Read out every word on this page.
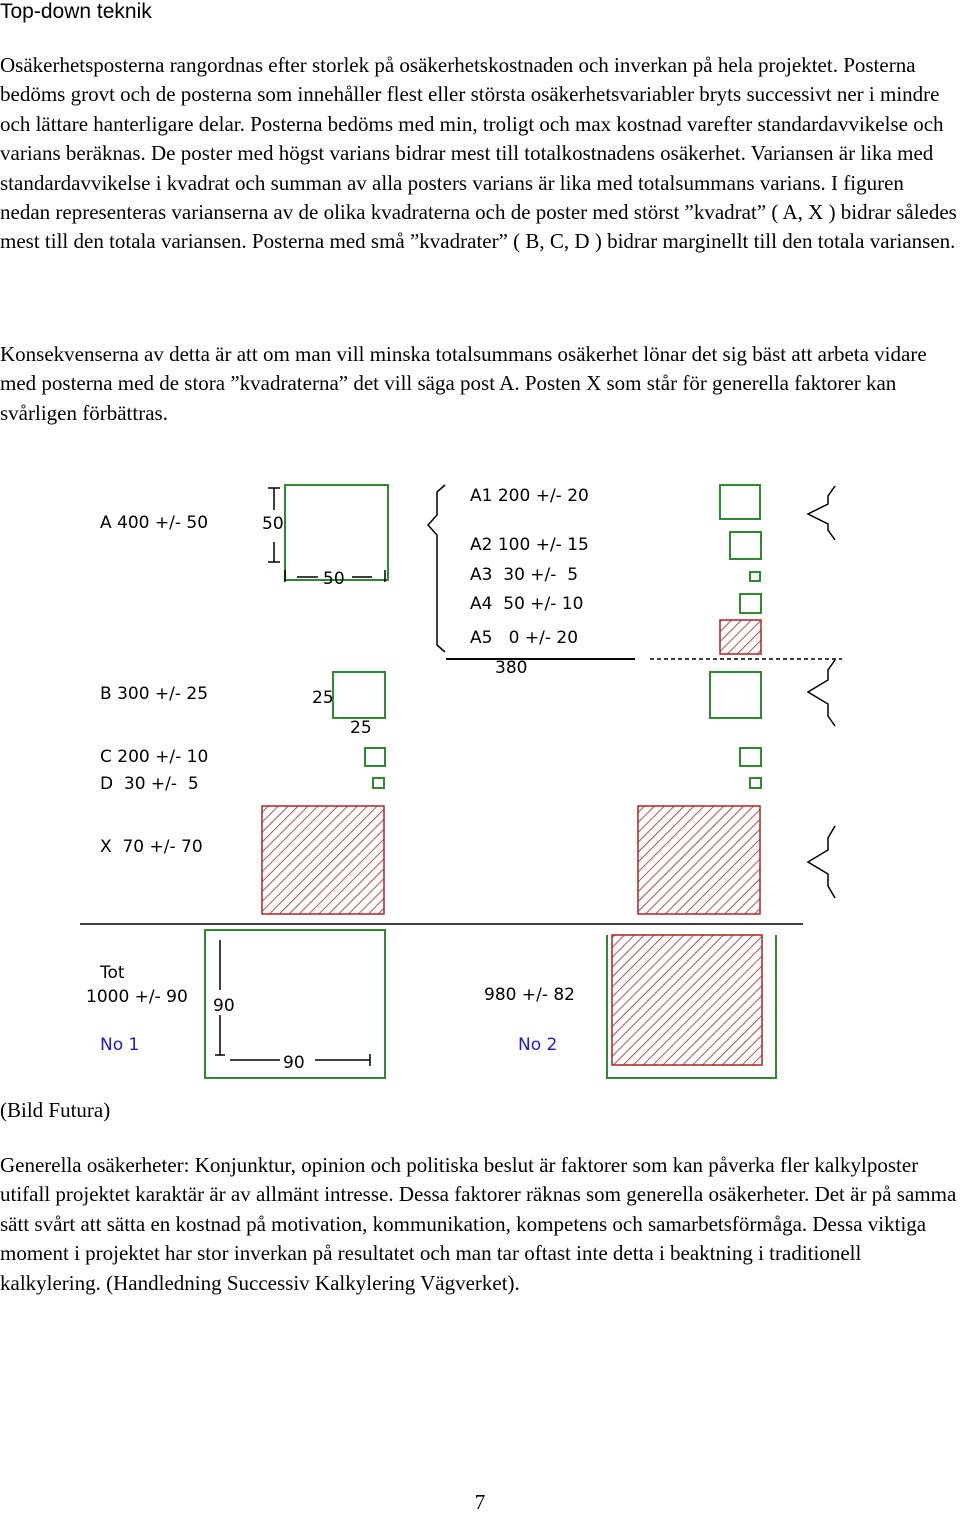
Top-down teknik
Osäkerhetsposterna rangordnas efter storlek på osäkerhetskostnaden och inverkan på hela projektet. Posterna bedöms grovt och de posterna som innehåller flest eller största osäkerhetsvariabler bryts successivt ner i mindre och lättare hanterligare delar. Posterna bedöms med min, troligt och max kostnad varefter standardavvikelse och varians beräknas. De poster med högst varians bidrar mest till totalkostnadens osäkerhet. Variansen är lika med standardavvikelse i kvadrat och summan av alla posters varians är lika med totalsummans varians. I figuren nedan representeras varianserna av de olika kvadraterna och de poster med störst ”kvadrat” ( A, X ) bidrar således mest till den totala variansen. Posterna med små ”kvadrater” ( B, C, D ) bidrar marginellt till den totala variansen.
Konsekvenserna av detta är att om man vill minska totalsummans osäkerhet lönar det sig bäst att arbeta vidare med posterna med de stora ”kvadraterna” det vill säga post A. Posten X som står för generella faktorer kan svårligen förbättras.
A 400 +/- 50
B 300 +/- 25
C 200 +/- 10
D  30 +/-  5
X  70 +/- 70
50
50
25
25
A1 200 +/- 20
A2 100 +/- 15
A3  30 +/-  5
A4  50 +/- 10
A5   0 +/- 20
380
Tot
1000 +/- 90 90
90
No 1
980 +/- 82
No 2
(Bild Futura)
Generella osäkerheter: Konjunktur, opinion och politiska beslut är faktorer som kan påverka fler kalkylposter utifall projektet karaktär är av allmänt intresse. Dessa faktorer räknas som generella osäkerheter. Det är på samma sätt svårt att sätta en kostnad på motivation, kommunikation, kompetens och samarbetsförmåga. Dessa viktiga moment i projektet har stor inverkan på resultatet och man tar oftast inte detta i beaktning i traditionell kalkylering. (Handledning Successiv Kalkylering Vägverket).
7
